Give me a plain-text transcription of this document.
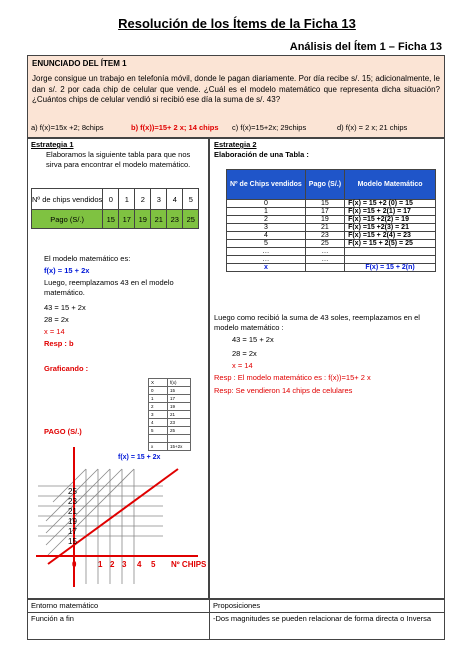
Resolución de los Ítems de la Ficha 13
Análisis del Ítem 1 – Ficha 13
ENUNCIADO DEL ÍTEM 1
Jorge consigue un trabajo en telefonía móvil, donde le pagan diariamente. Por día recibe s/. 15; adicionalmente, le dan s/. 2 por cada chip de celular que vende. ¿Cuál es el modelo matemático que representa dicha situación? ¿Cuántos chips de celular vendió si recibió ese día la suma de s/. 43?
a) f(x)=15x +2; 8chips	b) f(x))=15+ 2 x; 14 chips c) f(x)=15+2x; 29chips	d) f(x) = 2 x; 21 chips
Estrategia 1
Elaboramos la siguiente tabla para que nos sirva para encontrar el modelo matemático.
Nº de chips vendidos	0	1	2	3	4	5
Pago (S/.)	15	17	19	21	23	25
El modelo matemático es:
f(x) = 15 + 2x
Luego, reemplazamos 43 en el modelo matemático.
43 = 15 + 2x
28 = 2x
x = 14
Resp : b
Graficando :
X	f(x)
0	15
1	17
2	19
3	21
4	23
5	25

x	15+2x
PAGO (S/.)
f(x) = 15 + 2x
25
23
21
19
17
15
0	1 2 3 4 5 Nº CHIPS
Estrategia 2
Elaboración de una Tabla :
Nº de Chips vendidos	Pago (S/.)	Modelo Matemático
0	15	F(x) = 15 +2 (0) = 15
1	17	F(x) =15 + 2(1) = 17
2	19	F(x) =15 +2(2) = 19
3	21	F(x) =15 +2(3) = 21
4	23	F(x) =15 + 2(4) = 23
5	25	F(x) = 15 + 2(5) = 25
…	…	
…	…	
x		F(x) = 15 + 2(n)
Luego como recibió la suma de 43 soles, reemplazamos en el modelo matemático :
43 = 15 + 2x
28 = 2x
x = 14
Resp : El modelo matemático es : f(x))=15+ 2 x
Resp: Se vendieron 14 chips de celulares
Entorno matemático	Proposiciones
Función a fin	-Dos magnitudes se pueden relacionar de forma directa o Inversa
